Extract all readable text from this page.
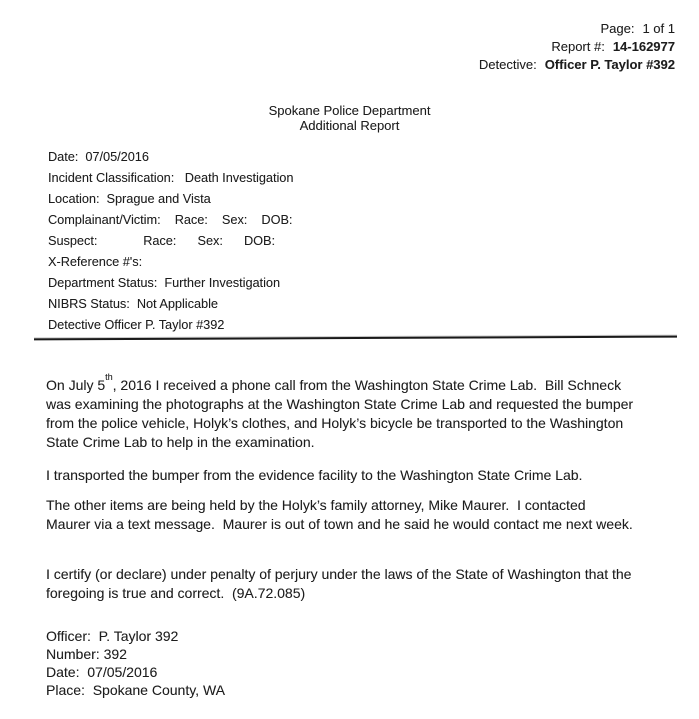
Page: 1 of 1
Report #: 14-162977
Detective: Officer P. Taylor #392
Spokane Police Department
Additional Report
Date:  07/05/2016
Incident Classification:   Death Investigation
Location:  Sprague and Vista
Complainant/Victim:    Race:    Sex:    DOB:
Suspect:             Race:      Sex:      DOB:
X-Reference #'s:
Department Status:  Further Investigation
NIBRS Status:  Not Applicable
Detective Officer P. Taylor #392

On July 5th, 2016 I received a phone call from the Washington State Crime Lab.  Bill Schneck
was examining the photographs at the Washington State Crime Lab and requested the bumper
from the police vehicle, Holyk’s clothes, and Holyk’s bicycle be transported to the Washington
State Crime Lab to help in the examination.

I transported the bumper from the evidence facility to the Washington State Crime Lab.

The other items are being held by the Holyk’s family attorney, Mike Maurer.  I contacted
Maurer via a text message.  Maurer is out of town and he said he would contact me next week.

I certify (or declare) under penalty of perjury under the laws of the State of Washington that the
foregoing is true and correct.  (9A.72.085)

Officer:  P. Taylor 392
Number: 392
Date:  07/05/2016
Place:  Spokane County, WA
